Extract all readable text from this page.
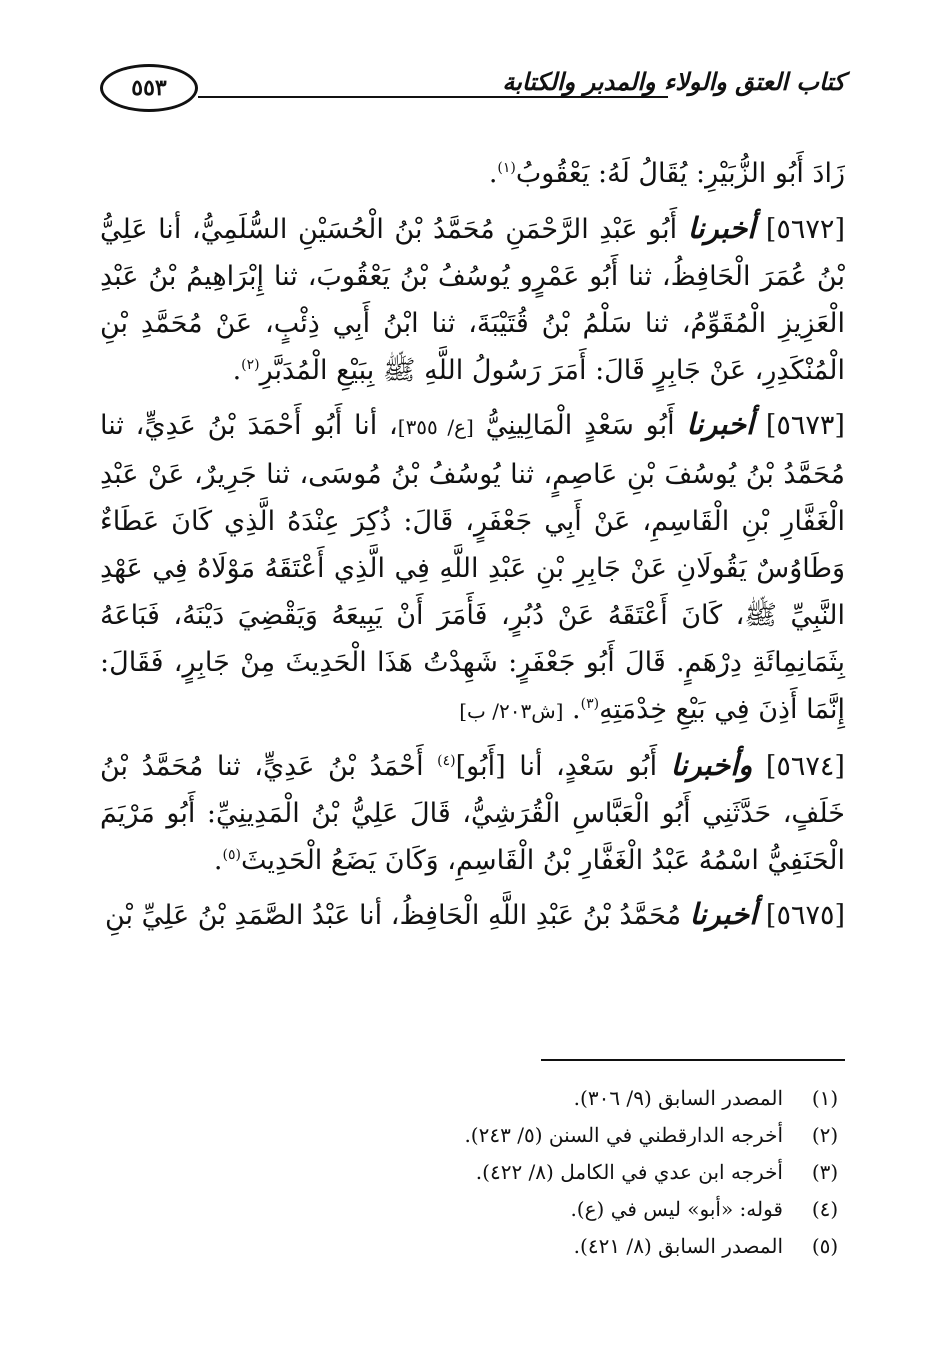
٥٥٣	كتاب العتق والولاء والمدبر والكتابة

زَادَ أَبُو الزُّبَيْرِ: يُقَالُ لَهُ: يَعْقُوبُ$^{(١)}$.

[٥٦٧٢] أخبرنا أَبُو عَبْدِ الرَّحْمَنِ مُحَمَّدُ بْنُ الْحُسَيْنِ السُّلَمِيُّ، أنا عَلِيُّ بْنُ عُمَرَ الْحَافِظُ، ثنا أَبُو عَمْرٍو يُوسُفُ بْنُ يَعْقُوبَ، ثنا إِبْرَاهِيمُ بْنُ عَبْدِ الْعَزِيزِ الْمُقَوِّمُ، ثنا سَلْمُ بْنُ قُتَيْبَةَ، ثنا ابْنُ أَبِي ذِئْبٍ، عَنْ مُحَمَّدِ بْنِ الْمُنْكَدِرِ، عَنْ جَابِرٍ قَالَ: أَمَرَ رَسُولُ اللَّهِ ﷺ بِبَيْعِ الْمُدَبَّرِ$^{(٢)}$.

[٥٦٧٣] أخبرنا أَبُو سَعْدٍ الْمَالِينِيُّ [ع/ ٣٥٥]، أنا أَبُو أَحْمَدَ بْنُ عَدِيٍّ، ثنا مُحَمَّدُ بْنُ يُوسُفَ بْنِ عَاصِمٍ، ثنا يُوسُفُ بْنُ مُوسَى، ثنا جَرِيرٌ، عَنْ عَبْدِ الْغَفَّارِ بْنِ الْقَاسِمِ، عَنْ أَبِي جَعْفَرٍ، قَالَ: ذُكِرَ عِنْدَهُ الَّذِي كَانَ عَطَاءٌ وَطَاوُسٌ يَقُولَانِ عَنْ جَابِرِ بْنِ عَبْدِ اللَّهِ فِي الَّذِي أَعْتَقَهُ مَوْلَاهُ فِي عَهْدِ النَّبِيِّ ﷺ، كَانَ أَعْتَقَهُ عَنْ دُبُرٍ، فَأَمَرَ أَنْ يَبِيعَهُ وَيَقْضِيَ دَيْنَهُ، فَبَاعَهُ بِثَمَانِمِائَةِ دِرْهَمٍ. قَالَ أَبُو جَعْفَرٍ: شَهِدْتُ هَذَا الْحَدِيثَ مِنْ جَابِرٍ، فَقَالَ: إِنَّمَا أَذِنَ فِي بَيْعِ خِدْمَتِهِ$^{(٣)}$. [ش٢٠٣/ ب]

[٥٦٧٤] وأخبرنا أَبُو سَعْدٍ، أنا [أَبُو]$^{(٤)}$ أَحْمَدُ بْنُ عَدِيٍّ، ثنا مُحَمَّدُ بْنُ خَلَفٍ، حَدَّثَنِي أَبُو الْعَبَّاسِ الْقُرَشِيُّ، قَالَ عَلِيُّ بْنُ الْمَدِينِيِّ: أَبُو مَرْيَمَ الْحَنَفِيُّ اسْمُهُ عَبْدُ الْغَفَّارِ بْنُ الْقَاسِمِ، وَكَانَ يَضَعُ الْحَدِيثَ$^{(٥)}$.

[٥٦٧٥] أخبرنا مُحَمَّدُ بْنُ عَبْدِ اللَّهِ الْحَافِظُ، أنا عَبْدُ الصَّمَدِ بْنُ عَلِيِّ بْنِ

(١)
المصدر السابق (٩/ ٣٠٦).
(٢)
أخرجه الدارقطني في السنن (٥/ ٢٤٣).
(٣)
أخرجه ابن عدي في الكامل (٨/ ٤٢٢).
(٤)
قوله: «أبو» ليس في (ع).
(٥)
المصدر السابق (٨/ ٤٢١).
